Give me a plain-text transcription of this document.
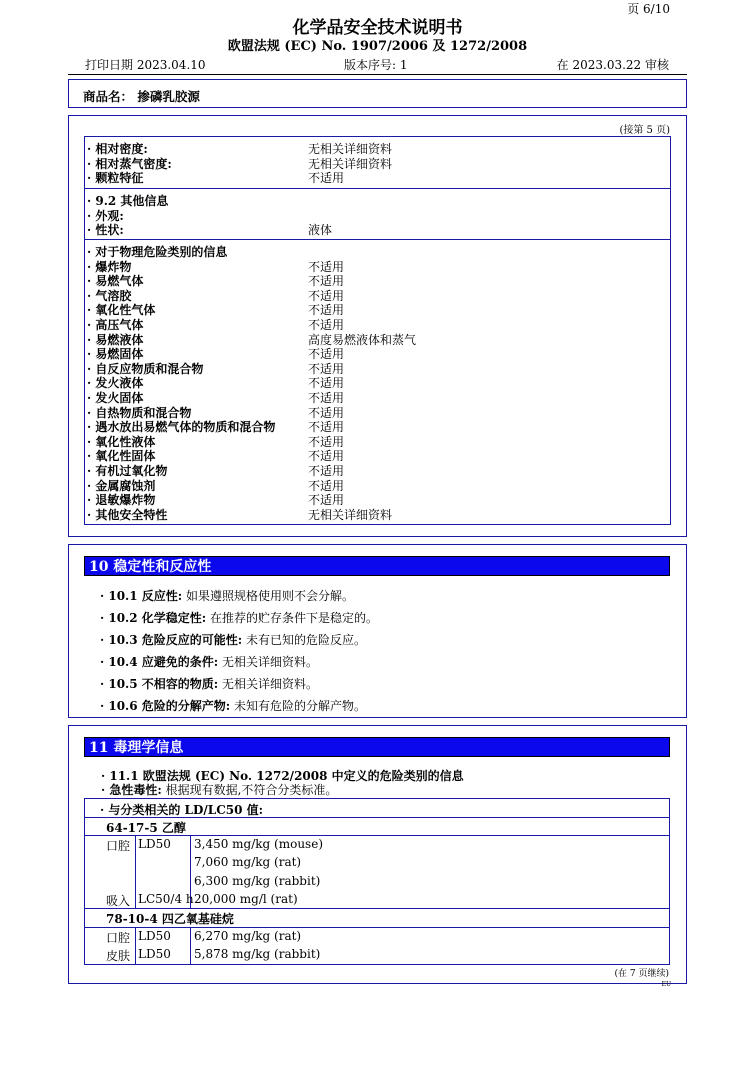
页 6/10
化学品安全技术说明书
欧盟法规 (EC) No. 1907/2006 及 1272/2008
打印日期 2023.04.10	版本序号: 1	在 2023.03.22 审核
商品名： 掺磷乳胶源
(接第 5 页)
· 相对密度:	无相关详细资料
· 相对蒸气密度:	无相关详细资料
· 颗粒特征	不适用
· 9.2 其他信息
· 外观:
· 性状:	液体
· 对于物理危险类别的信息
· 爆炸物	不适用
· 易燃气体	不适用
· 气溶胶	不适用
· 氧化性气体	不适用
· 高压气体	不适用
· 易燃液体	高度易燃液体和蒸气
· 易燃固体	不适用
· 自反应物质和混合物	不适用
· 发火液体	不适用
· 发火固体	不适用
· 自热物质和混合物	不适用
· 遇水放出易燃气体的物质和混合物	不适用
· 氧化性液体	不适用
· 氧化性固体	不适用
· 有机过氧化物	不适用
· 金属腐蚀剂	不适用
· 退敏爆炸物	不适用
· 其他安全特性	无相关详细资料
10 稳定性和反应性
· 10.1 反应性: 如果遵照规格使用则不会分解。
· 10.2 化学稳定性: 在推荐的贮存条件下是稳定的。
· 10.3 危险反应的可能性: 未有已知的危险反应。
· 10.4 应避免的条件: 无相关详细资料。
· 10.5 不相容的物质: 无相关详细资料。
· 10.6 危险的分解产物: 未知有危险的分解产物。
11 毒理学信息
· 11.1 欧盟法规 (EC) No. 1272/2008 中定义的危险类别的信息
· 急性毒性: 根据现有数据,不符合分类标准。
· 与分类相关的 LD/LC50 值:
64-17-5 乙醇
口腔 LD50 3,450 mg/kg (mouse)
7,060 mg/kg (rat)
6,300 mg/kg (rabbit)
吸入 LC50/4 h 20,000 mg/l (rat)
78-10-4 四乙氧基硅烷
口腔 LD50 6,270 mg/kg (rat)
皮肤 LD50 5,878 mg/kg (rabbit)
(在 7 页继续)
EU
